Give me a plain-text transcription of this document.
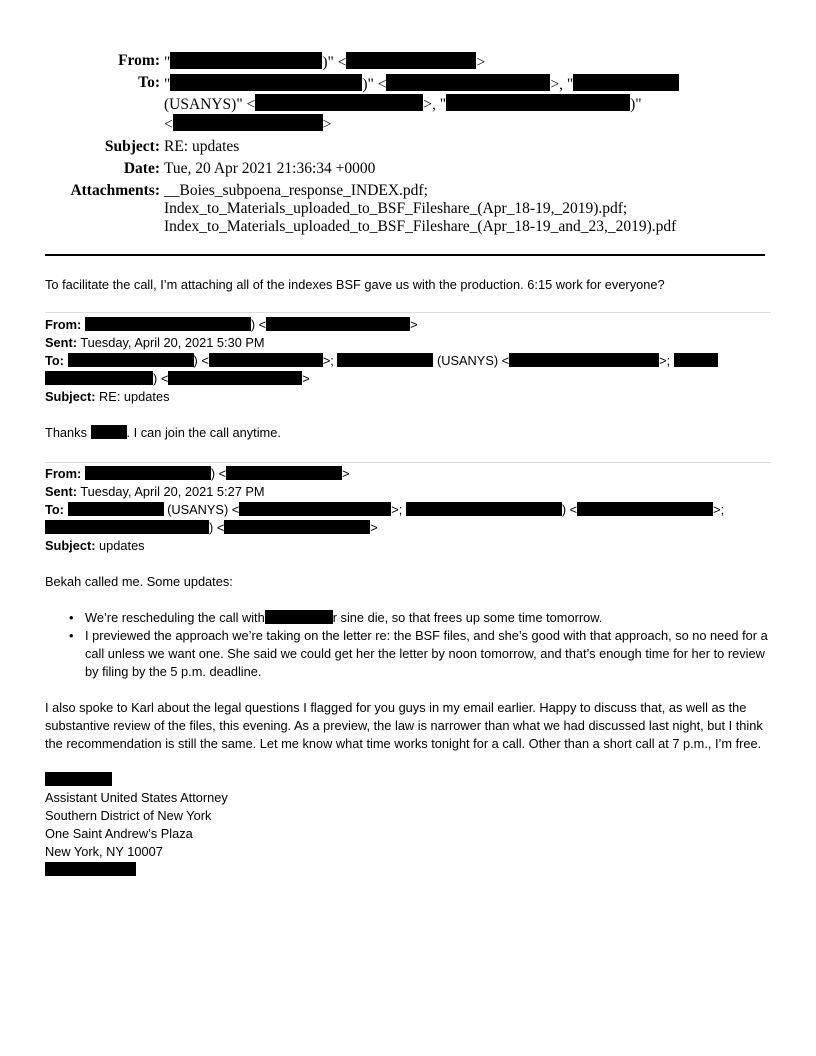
From: "	)" <	>
To: "	)" <	>, "
(USANYS)" <	>, "	)"
<	>
Subject: RE: updates
Date: Tue, 20 Apr 2021 21:36:34 +0000
Attachments: __Boies_subpoena_response_INDEX.pdf;
Index_to_Materials_uploaded_to_BSF_Fileshare_(Apr_18-19,_2019).pdf;
Index_to_Materials_uploaded_to_BSF_Fileshare_(Apr_18-19_and_23,_2019).pdf
To facilitate the call, I’m attaching all of the indexes BSF gave us with the production. 6:15 work for everyone?
From:	) <	>
Sent: Tuesday, April 20, 2021 5:30 PM
To:	) <	>;	(USANYS) <	>;
) <	>
Subject: RE: updates
Thanks	. I can join the call anytime.
From:	) <	>
Sent: Tuesday, April 20, 2021 5:27 PM
To:	(USANYS) <	>;	) <	>;
) <	>
Subject: updates
Bekah called me. Some updates:
• We’re rescheduling the call with	r sine die, so that frees up some time tomorrow.
• I previewed the approach we’re taking on the letter re: the BSF files, and she’s good with that approach, so no need for a call unless we want one. She said we could get her the letter by noon tomorrow, and that’s enough time for her to review by filing by the 5 p.m. deadline.
I also spoke to Karl about the legal questions I flagged for you guys in my email earlier. Happy to discuss that, as well as the substantive review of the files, this evening. As a preview, the law is narrower than what we had discussed last night, but I think the recommendation is still the same. Let me know what time works tonight for a call. Other than a short call at 7 p.m., I’m free.
Assistant United States Attorney
Southern District of New York
One Saint Andrew’s Plaza
New York, NY 10007
